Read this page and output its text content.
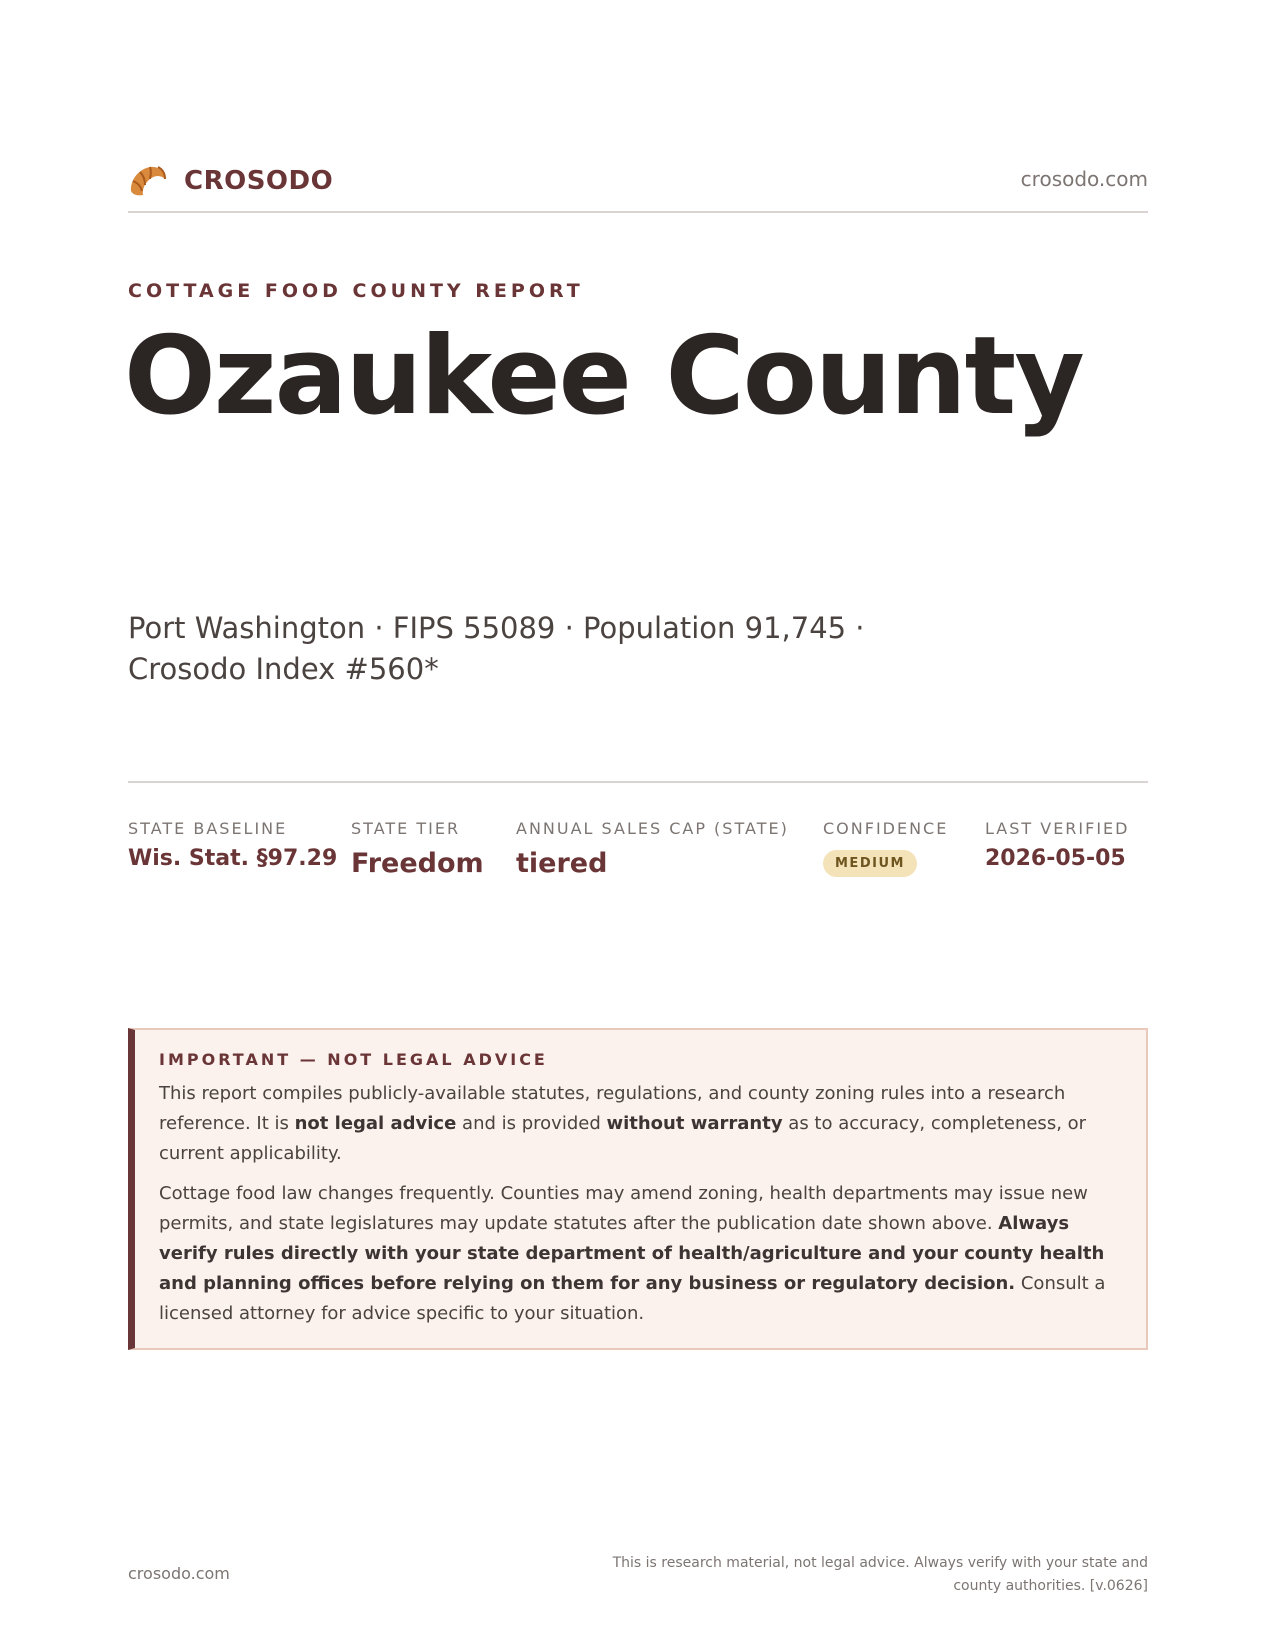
CROSODO	crosodo.com
COTTAGE FOOD COUNTY REPORT
Ozaukee County
Port Washington · FIPS 55089 · Population 91,745 · Crosodo Index #560*
STATE BASELINE
Wis. Stat. §97.29
STATE TIER
Freedom
ANNUAL SALES CAP (STATE)
tiered
CONFIDENCE
MEDIUM
LAST VERIFIED
2026-05-05
IMPORTANT — NOT LEGAL ADVICE

This report compiles publicly-available statutes, regulations, and county zoning rules into a research reference. It is not legal advice and is provided without warranty as to accuracy, completeness, or current applicability.

Cottage food law changes frequently. Counties may amend zoning, health departments may issue new permits, and state legislatures may update statutes after the publication date shown above. Always verify rules directly with your state department of health/agriculture and your county health and planning offices before relying on them for any business or regulatory decision. Consult a licensed attorney for advice specific to your situation.

crosodo.com
This is research material, not legal advice. Always verify with your state and county authorities. [v.0626]
